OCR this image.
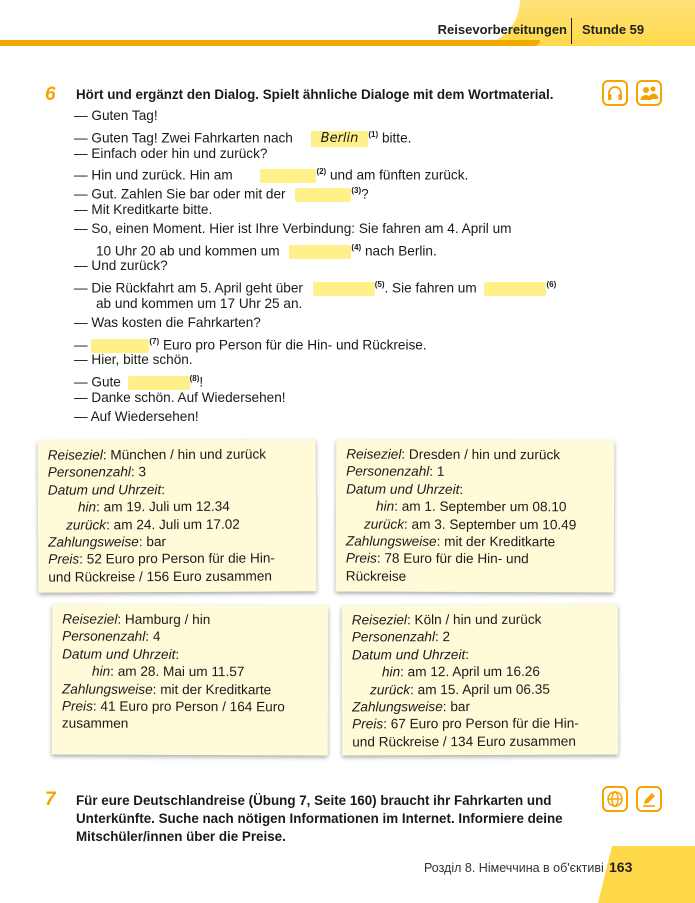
Reisevorbereitungen Stunde 59
6 Hört und ergänzt den Dialog. Spielt ähnliche Dialoge mit dem Wortmaterial.
— Guten Tag!
— Guten Tag! Zwei Fahrkarten nach Berlin $^{(1)}$ bitte.
— Einfach oder hin und zurück?
— Hin und zurück. Hin am	$^{(2)}$ und am fünften zurück.
— Gut. Zahlen Sie bar oder mit der	$^{(3)}$?
— Mit Kreditkarte bitte.
— So, einen Moment. Hier ist Ihre Verbindung: Sie fahren am 4. April um
10 Uhr 20 ab und kommen um	$^{(4)}$ nach Berlin.
— Und zurück?
— Die Rückfahrt am 5. April geht über	$^{(5)}$. Sie fahren um	$^{(6)}$
ab und kommen um 17 Uhr 25 an.
— Was kosten die Fahrkarten?
—	$^{(7)}$ Euro pro Person für die Hin- und Rückreise.
— Hier, bitte schön.
— Gute	$^{(8)}$!
— Danke schön. Auf Wiedersehen!
— Auf Wiedersehen!
Reiseziel: München / hin und zurück
Personenzahl: 3
Datum und Uhrzeit:
hin: am 19. Juli um 12.34
zurück: am 24. Juli um 17.02
Zahlungsweise: bar
Preis: 52 Euro pro Person für die Hin-
und Rückreise / 156 Euro zusammen
Reiseziel: Dresden / hin und zurück
Personenzahl: 1
Datum und Uhrzeit:
hin: am 1. September um 08.10
zurück: am 3. September um 10.49
Zahlungsweise: mit der Kreditkarte
Preis: 78 Euro für die Hin- und
Rückreise
Reiseziel: Hamburg / hin
Personenzahl: 4
Datum und Uhrzeit:
hin: am 28. Mai um 11.57
Zahlungsweise: mit der Kreditkarte
Preis: 41 Euro pro Person / 164 Euro
zusammen
Reiseziel: Köln / hin und zurück
Personenzahl: 2
Datum und Uhrzeit:
hin: am 12. April um 16.26
zurück: am 15. April um 06.35
Zahlungsweise: bar
Preis: 67 Euro pro Person für die Hin-
und Rückreise / 134 Euro zusammen
7 Für eure Deutschlandreise (Übung 7, Seite 160) braucht ihr Fahrkarten und Unterkünfte. Suche nach nötigen Informationen im Internet. Informiere deine Mitschüler/innen über die Preise.
Розділ 8. Німеччина в об'єктиві 163
